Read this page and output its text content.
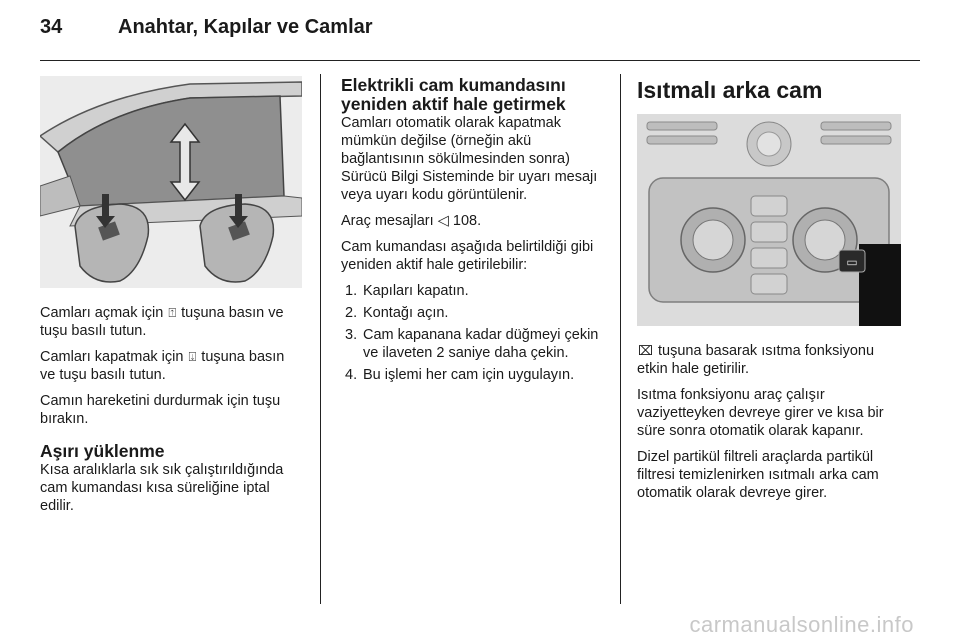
34	Anahtar, Kapılar ve Camlar

Camları açmak için ⍐ tuşuna basın ve tuşu basılı tutun.

Camları kapatmak için ⍗ tuşuna basın ve tuşu basılı tutun.

Camın hareketini durdurmak için tuşu bırakın.

Aşırı yüklenme

Kısa aralıklarla sık sık çalıştırıldığında cam kumandası kısa süreliğine iptal edilir.

Elektrikli cam kumandasını yeniden aktif hale getirmek

Camları otomatik olarak kapatmak mümkün değilse (örneğin akü bağlantısının sökülmesinden sonra) Sürücü Bilgi Sisteminde bir uyarı mesajı veya uyarı kodu görüntülenir.

Araç mesajları ◁ 108.

Cam kumandası aşağıda belirtildiği gibi yeniden aktif hale getirilebilir:

1. Kapıları kapatın.
2. Kontağı açın.
3. Cam kapanana kadar düğmeyi çekin ve ilaveten 2 saniye daha çekin.
4. Bu işlemi her cam için uygulayın.
Isıtmalı arka cam
▭

⌧ tuşuna basarak ısıtma fonksiyonu etkin hale getirilir.

Isıtma fonksiyonu araç çalışır vaziyetteyken devreye girer ve kısa bir süre sonra otomatik olarak kapanır.

Dizel partikül filtreli araçlarda partikül filtresi temizlenirken ısıtmalı arka cam otomatik olarak devreye girer.

carmanualsonline.info
